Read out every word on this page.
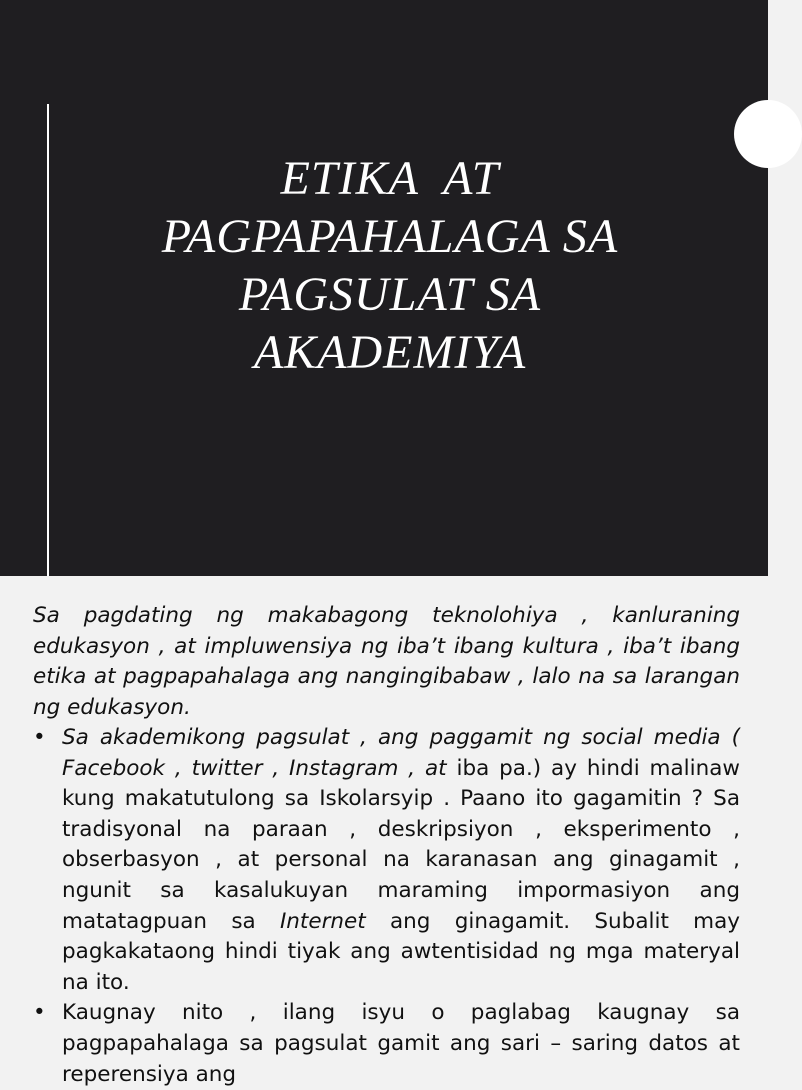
ETIKA  AT
PAGPAPAHALAGA SA
PAGSULAT SA
AKADEMIYA

Sa pagdating ng makabagong teknolohiya , kanluraning edukasyon , at impluwensiya ng iba’t ibang kultura , iba’t ibang etika at pagpapahalaga ang nangingibabaw , lalo na sa larangan ng edukasyon.

• Sa akademikong pagsulat , ang paggamit ng social media ( Facebook , twitter , Instagram , at iba pa.) ay hindi malinaw kung makatutulong sa Iskolarsyip . Paano ito gagamitin ? Sa tradisyonal na paraan , deskripsiyon , eksperimento , obserbasyon , at personal na karanasan ang ginagamit , ngunit sa kasalukuyan maraming impormasiyon ang matatagpuan sa Internet ang ginagamit. Subalit may pagkakataong hindi tiyak ang awtentisidad ng mga materyal na ito.
• Kaugnay nito , ilang isyu o paglabag kaugnay sa pagpapahalaga sa pagsulat gamit ang sari – saring datos at reperensiya ang
